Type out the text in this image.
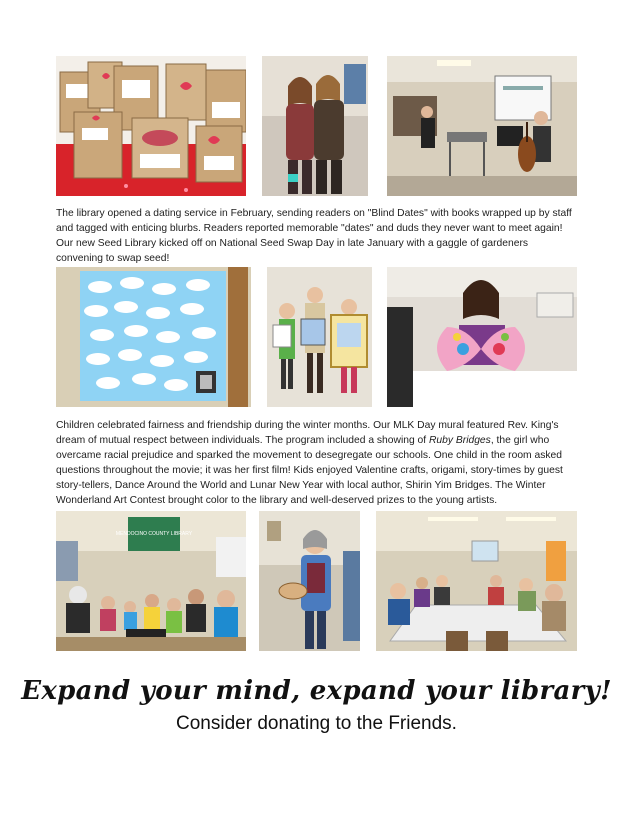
The library opened a dating service in February, sending readers on "Blind Dates" with books wrapped up by staff and tagged with enticing blurbs. Readers reported memorable "dates" and duds they never want to meet again! Our new Seed Library kicked off on National Seed Swap Day in late January with a gaggle of gardeners convening to swap seed!

Children celebrated fairness and friendship during the winter months. Our MLK Day mural featured Rev. King's dream of mutual respect between individuals. The program included a showing of Ruby Bridges, the girl who overcame racial prejudice and sparked the movement to desegregate our schools. One child in the room asked questions throughout the movie; it was her first film! Kids enjoyed Valentine crafts, origami, story-times by guest story-tellers, Dance Around the World and Lunar New Year with local author, Shirin Yim Bridges. The Winter Wonderland Art Contest brought color to the library and well-deserved prizes to the young artists.

MENDOCINO COUNTY LIBRARY
Expand your mind, expand your library!
Consider donating to the Friends.
